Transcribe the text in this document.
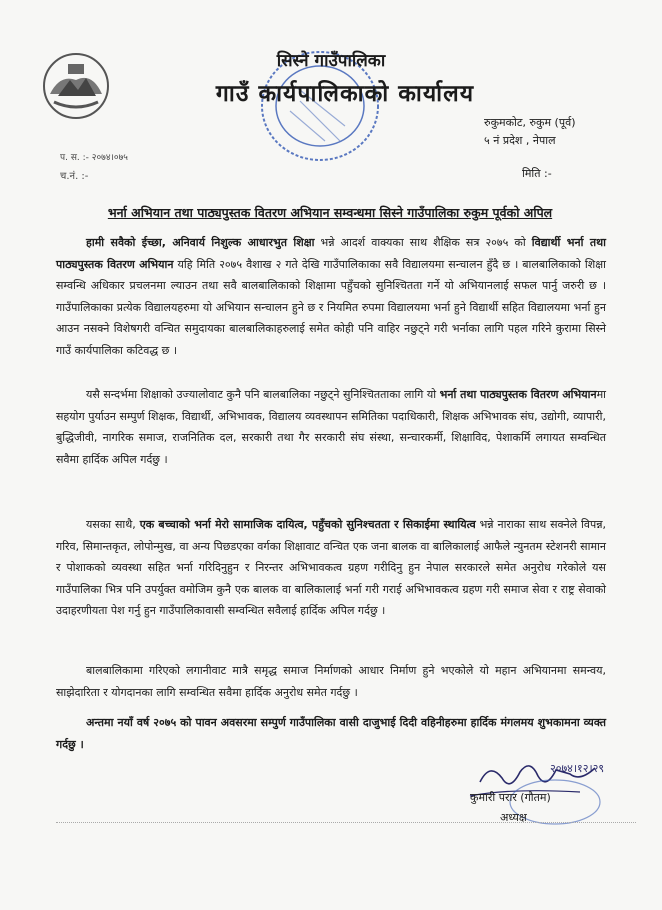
सिस्ने गाउँपालिका
गाउँ कार्यपालिकाको कार्यालय
रुकुमकोट, रुकुम (पूर्व)
५ नं प्रदेश , नेपाल
प. स. :- २०७४।०७५
च.नं. :-	मिति :-
भर्ना अभियान तथा पाठ्यपुस्तक वितरण अभियान सम्वन्धमा सिस्ने गाउँपालिका रुकुम पूर्वको अपिल

हामी सवैको ईच्छा, अनिवार्य निशुल्क आधारभुत शिक्षा भन्ने आदर्श वाक्यका साथ शैक्षिक सत्र २०७५ को विद्यार्थी भर्ना तथा पाठ्यपुस्तक वितरण अभियान यहि मिति २०७५ वैशाख २ गते देखि गाउँपालिकाका सवै विद्यालयमा सन्चालन हुँदै छ । बालबालिकाको शिक्षा सम्वन्धि अधिकार प्रचलनमा ल्याउन तथा सवै बालबालिकाको शिक्षामा पहुँचको सुनिश्चितता गर्ने यो अभियानलाई सफल पार्नु जरुरी छ ।गाउँपालिकाका प्रत्येक विद्यालयहरुमा यो अभियान सन्चालन हुने छ र नियमित रुपमा विद्यालयमा भर्ना हुने विद्यार्थी सहित विद्यालयमा भर्ना हुन आउन नसक्ने विशेषगरी वन्चित समुदायका बालबालिकाहरुलाई समेत कोही पनि वाहिर नछुट्ने गरी भर्नाका लागि पहल गरिने कुरामा सिस्ने गाउँ कार्यपालिका कटिवद्ध छ ।

यसै सन्दर्भमा शिक्षाको उज्यालोवाट कुनै पनि बालबालिका नछुट्ने सुनिश्चितताका लागि यो भर्ना तथा पाठ्यपुस्तक वितरण अभियानमा सहयोग पुर्याउन सम्पुर्ण शिक्षक, विद्यार्थी, अभिभावक, विद्यालय व्यवस्थापन समितिका पदाधिकारी, शिक्षक अभिभावक संघ, उद्योगी, व्यापारी, बुद्धिजीवी, नागरिक समाज, राजनितिक दल, सरकारी तथा गैर सरकारी संघ संस्था, सन्चारकर्मी, शिक्षाविद, पेशाकर्मि लगायत सम्वन्धित सवैमा हार्दिक अपिल गर्दछु ।

यसका साथै, एक बच्चाको भर्ना मेरो सामाजिक दायित्व, पहुँचको सुनिश्चतता र सिकाईमा स्थायित्व भन्ने नाराका साथ सक्नेले विपन्न, गरिव, सिमान्तकृत, लोपोन्मुख, वा अन्य पिछडएका वर्गका शिक्षावाट वन्चित एक जना बालक वा बालिकालाई आफैले न्युनतम स्टेशनरी सामान र पोशाकको व्यवस्था सहित भर्ना गरिदिनुहुन र निरन्तर अभिभावकत्व ग्रहण गरीदिनु हुन नेपाल सरकारले समेत अनुरोध गरेकोले यस गाउँपालिका भित्र पनि उपर्युक्त वमोजिम कुनै एक बालक वा बालिकालाई भर्ना गरी गराई अभिभावकत्व ग्रहण गरी समाज सेवा र राष्ट्र सेवाको उदाहरणीयता पेश गर्नु हुन गाउँपालिकावासी सम्वन्धित सवैलाई हार्दिक अपिल गर्दछु ।

बालबालिकामा गरिएको लगानीवाट मात्रै समृद्ध समाज निर्माणको आधार निर्माण हुने भएकोले यो महान अभियानमा समन्वय, साझेदारिता र योगदानका लागि सम्वन्धित सवैमा हार्दिक अनुरोध समेत गर्दछु ।

अन्तमा नयाँ वर्ष २०७५ को पावन अवसरमा सम्पुर्ण गाउँपालिका वासी दाजुभाई दिदी वहिनीहरुमा हार्दिक मंगलमय शुभकामना व्यक्त गर्दछु ।

२०७४।१२।२९
कुमारी परार (गौतम)
अध्यक्ष
